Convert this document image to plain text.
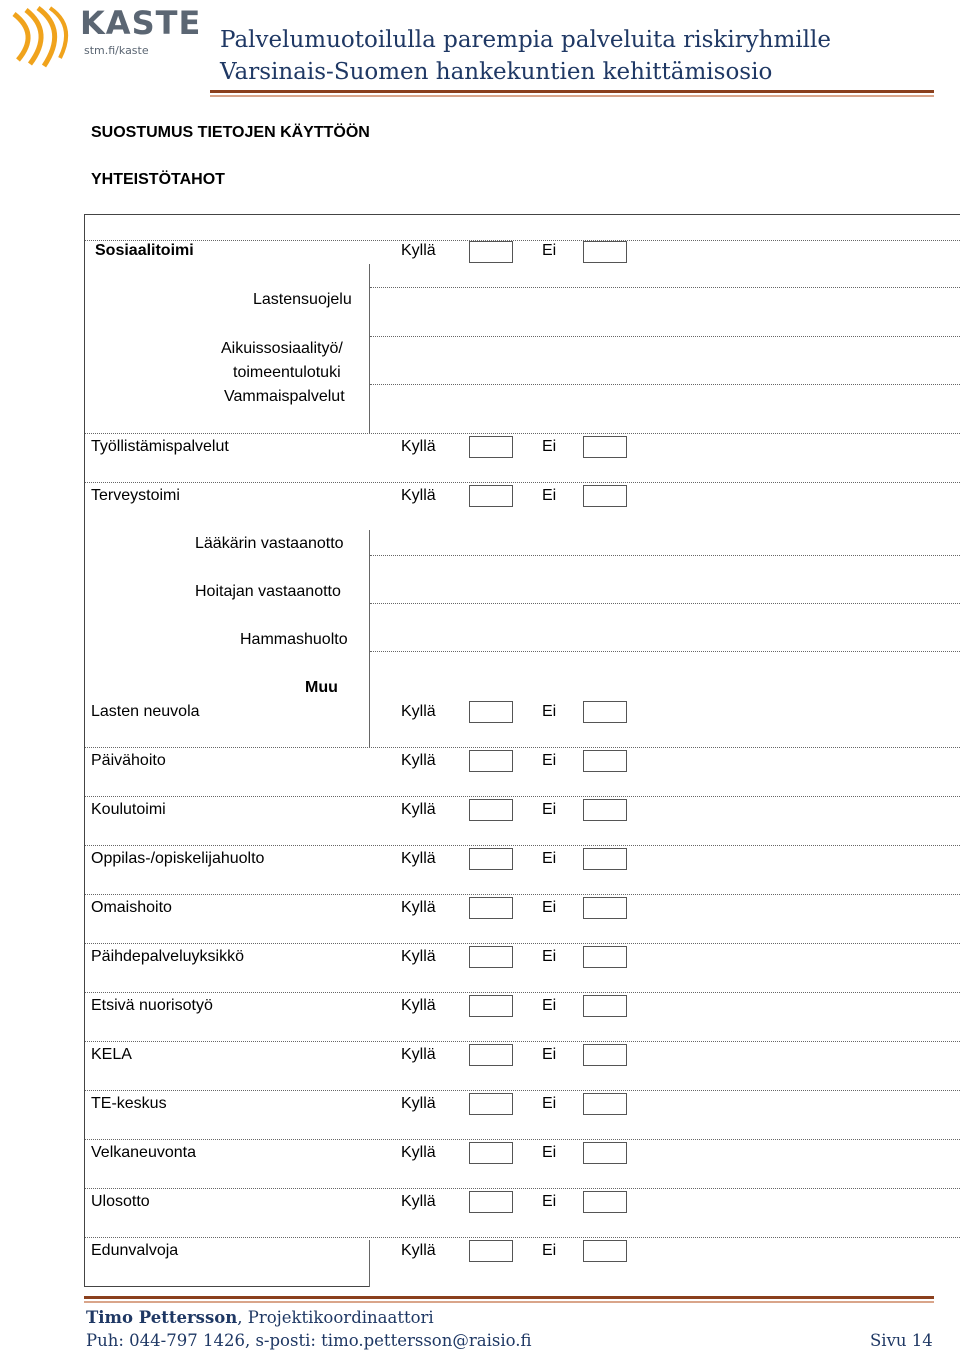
KASTE
stm.fi/kaste	Palvelumuotoilulla parempia palveluita riskiryhmille
Varsinais-Suomen hankekuntien kehittämisosio
SUOSTUMUS TIETOJEN KÄYTTÖÖN
YHTEISTÖTAHOT
Sosiaalitoimi	Kyllä	Ei
Lastensuojelu
Aikuissosiaalityö/
toimeentulotuki
Vammaispalvelut
Työllistämispalvelut	Kyllä	Ei
Terveystoimi	Kyllä	Ei
Lääkärin vastaanotto
Hoitajan vastaanotto
Hammashuolto
Muu
Lasten neuvola	Kyllä	Ei
Päivähoito	Kyllä	Ei
Koulutoimi	Kyllä	Ei
Oppilas-/opiskelijahuolto	Kyllä	Ei
Omaishoito	Kyllä	Ei
Päihdepalveluyksikkö	Kyllä	Ei
Etsivä nuorisotyö	Kyllä	Ei
KELA	Kyllä	Ei
TE-keskus	Kyllä	Ei
Velkaneuvonta	Kyllä	Ei
Ulosotto	Kyllä	Ei
Edunvalvoja	Kyllä	Ei
Timo Pettersson, Projektikoordinaattori
Puh: 044-797 1426, s-posti: timo.pettersson@raisio.fi	Sivu 14
